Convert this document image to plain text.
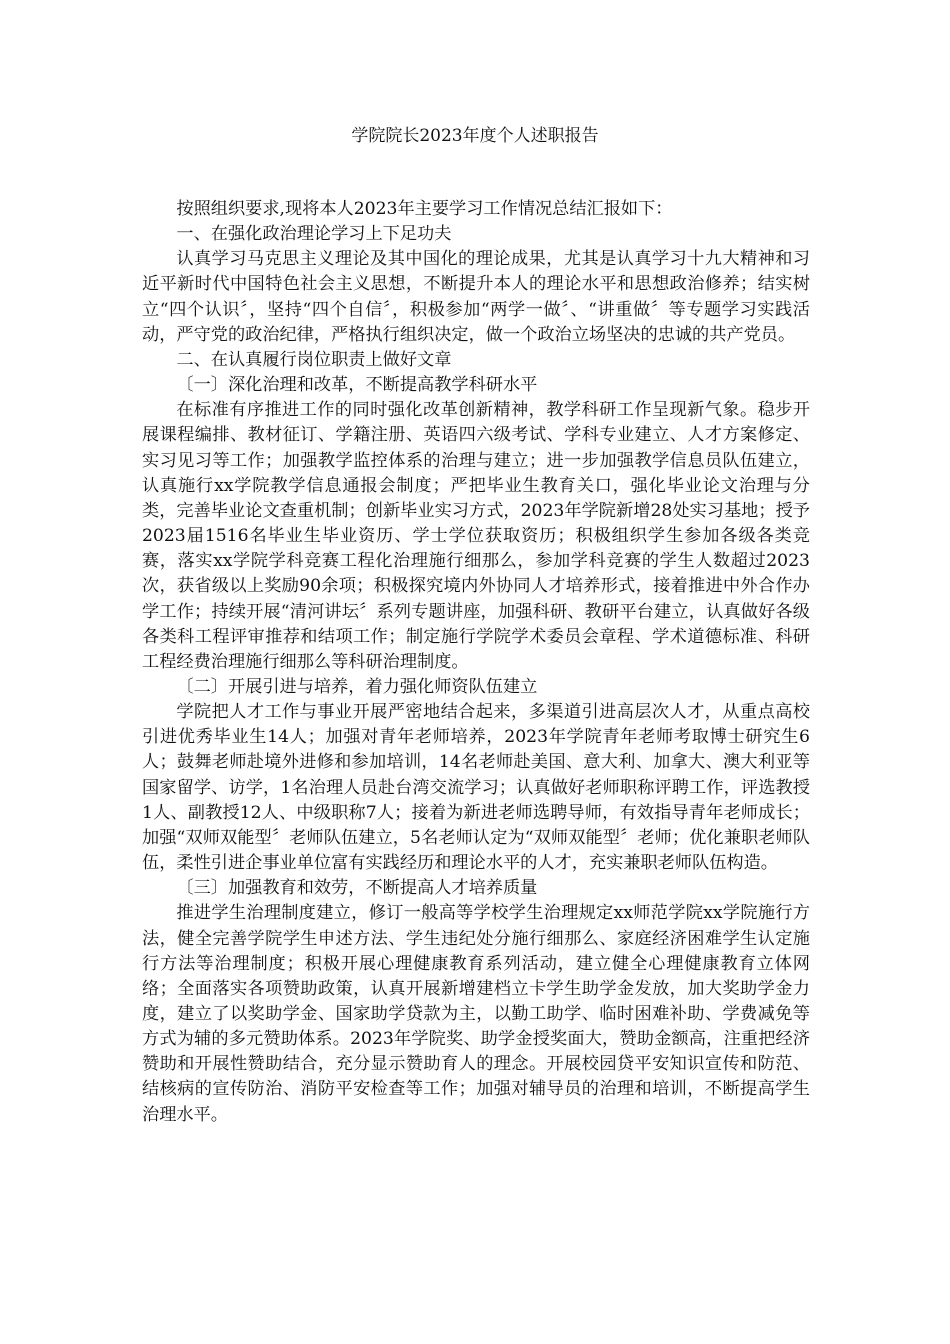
学院院长2023年度个人述职报告

按照组织要求,现将本人2023年主要学习工作情况总结汇报如下：

一、在强化政治理论学习上下足功夫

认真学习马克思主义理论及其中国化的理论成果，尤其是认真学习十九大精神和习近平新时代中国特色社会主义思想，不断提升本人的理论水平和思想政治修养；结实树立“四个认识〞，坚持“四个自信〞，积极参加“两学一做〞、“讲重做〞等专题学习实践活动，严守党的政治纪律，严格执行组织决定，做一个政治立场坚决的忠诚的共产党员。

二、在认真履行岗位职责上做好文章

〔一〕深化治理和改革，不断提高教学科研水平

在标准有序推进工作的同时强化改革创新精神，教学科研工作呈现新气象。稳步开展课程编排、教材征订、学籍注册、英语四六级考试、学科专业建立、人才方案修定、实习见习等工作；加强教学监控体系的治理与建立；进一步加强教学信息员队伍建立，认真施行xx学院教学信息通报会制度；严把毕业生教育关口，强化毕业论文治理与分类，完善毕业论文查重机制；创新毕业实习方式，2023年学院新增28处实习基地；授予2023届1516名毕业生毕业资历、学士学位获取资历；积极组织学生参加各级各类竞赛，落实xx学院学科竞赛工程化治理施行细那么，参加学科竞赛的学生人数超过2023次，获省级以上奖励90余项；积极探究境内外协同人才培养形式，接着推进中外合作办学工作；持续开展“清河讲坛〞系列专题讲座，加强科研、教研平台建立，认真做好各级各类科工程评审推荐和结项工作；制定施行学院学术委员会章程、学术道德标准、科研工程经费治理施行细那么等科研治理制度。

〔二〕开展引进与培养，着力强化师资队伍建立

学院把人才工作与事业开展严密地结合起来，多渠道引进高层次人才，从重点高校引进优秀毕业生14人；加强对青年老师培养，2023年学院青年老师考取博士研究生6人；鼓舞老师赴境外进修和参加培训，14名老师赴美国、意大利、加拿大、澳大利亚等国家留学、访学，1名治理人员赴台湾交流学习；认真做好老师职称评聘工作，评选教授1人、副教授12人、中级职称7人；接着为新进老师选聘导师，有效指导青年老师成长；加强“双师双能型〞老师队伍建立，5名老师认定为“双师双能型〞老师；优化兼职老师队伍，柔性引进企事业单位富有实践经历和理论水平的人才，充实兼职老师队伍构造。

〔三〕加强教育和效劳，不断提高人才培养质量

推进学生治理制度建立，修订一般高等学校学生治理规定xx师范学院xx学院施行方法，健全完善学院学生申述方法、学生违纪处分施行细那么、家庭经济困难学生认定施行方法等治理制度；积极开展心理健康教育系列活动，建立健全心理健康教育立体网络；全面落实各项赞助政策，认真开展新增建档立卡学生助学金发放，加大奖助学金力度，建立了以奖助学金、国家助学贷款为主，以勤工助学、临时困难补助、学费减免等方式为辅的多元赞助体系。2023年学院奖、助学金授奖面大，赞助金额高，注重把经济赞助和开展性赞助结合，充分显示赞助育人的理念。开展校园贷平安知识宣传和防范、结核病的宣传防治、消防平安检查等工作；加强对辅导员的治理和培训，不断提高学生治理水平。
